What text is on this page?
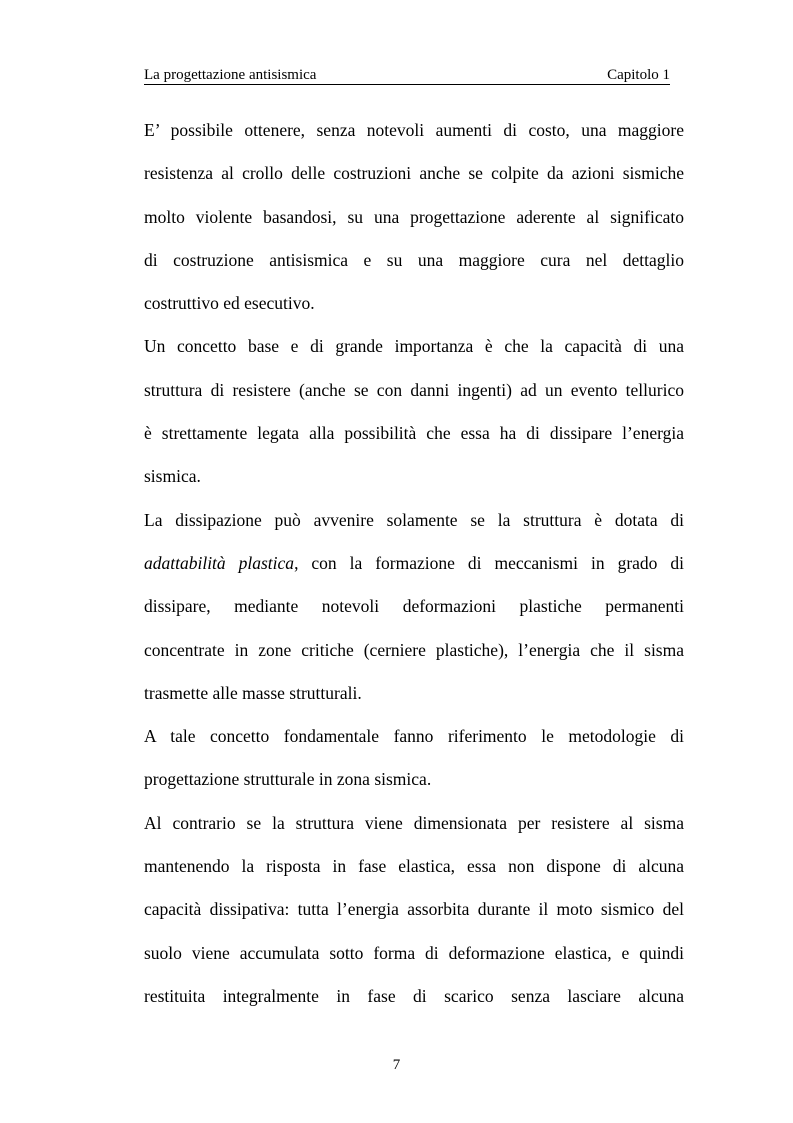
La progettazione antisismica	Capitolo 1
E’ possibile ottenere, senza notevoli aumenti di costo, una maggiore
resistenza al crollo delle costruzioni anche se colpite da azioni sismiche
molto violente basandosi, su una progettazione aderente al significato
di costruzione antisismica e su una maggiore cura nel dettaglio
costruttivo ed esecutivo.
Un concetto base e di grande importanza è che la capacità di una
struttura di resistere (anche se con danni ingenti) ad un evento tellurico
è strettamente legata alla possibilità che essa ha di dissipare l’energia
sismica.
La dissipazione può avvenire solamente se la struttura è dotata di
adattabilità plastica, con la formazione di meccanismi in grado di
dissipare, mediante notevoli deformazioni plastiche permanenti
concentrate in zone critiche (cerniere plastiche), l’energia che il sisma
trasmette alle masse strutturali.
A tale concetto fondamentale fanno riferimento le metodologie di
progettazione strutturale in zona sismica.
Al contrario se la struttura viene dimensionata per resistere al sisma
mantenendo la risposta in fase elastica, essa non dispone di alcuna
capacità dissipativa: tutta l’energia assorbita durante il moto sismico del
suolo viene accumulata sotto forma di deformazione elastica, e quindi
restituita integralmente in fase di scarico senza lasciare alcuna
7
